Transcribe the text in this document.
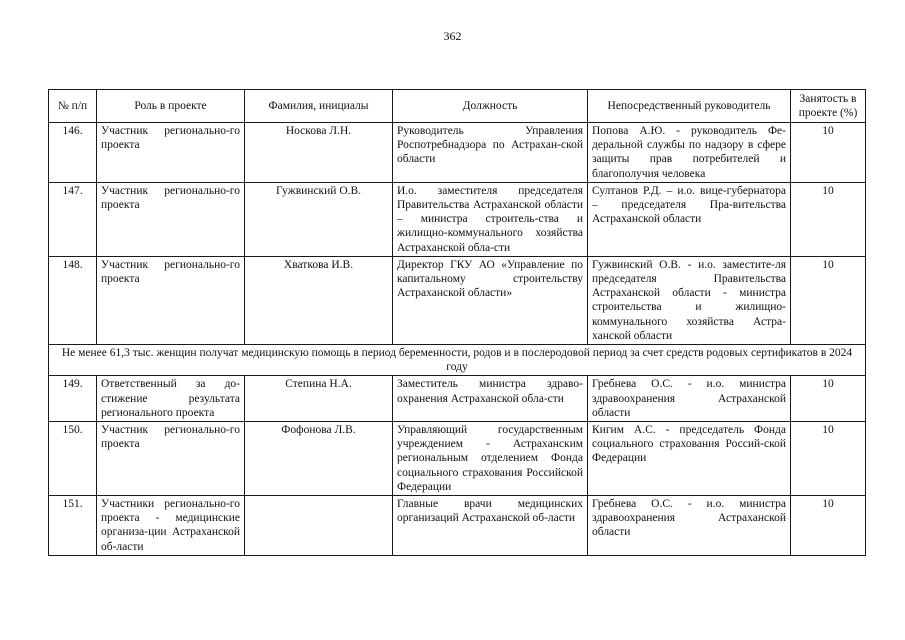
362
№ п/п	Роль в проекте	Фамилия, инициалы	Должность	Непосредственный руководитель	Занятость в проекте (%)
146.	Участник регионально-го проекта	Носкова Л.Н.	Руководитель Управления Роспотребнадзора по Астрахан-ской области	Попова А.Ю. - руководитель Фе-деральной службы по надзору в сфере защиты прав потребителей и благополучия человека	10
147.	Участник регионально-го проекта	Гужвинский О.В.	И.о. заместителя председателя Правительства Астраханской области – министра строитель-ства и жилищно-коммунального хозяйства Астраханской обла-сти	Султанов Р.Д. – и.о. вице-губернатора – председателя Пра-вительства Астраханской области	10
148.	Участник регионально-го проекта	Хваткова И.В.	Директор ГКУ АО «Управление по капитальному строительству Астраханской области»	Гужвинский О.В. - и.о. заместите-ля председателя Правительства Астраханской области - министра строительства и жилищно-коммунального хозяйства Астра-ханской области	10
Не менее 61,3 тыс. женщин получат медицинскую помощь в период беременности, родов и в послеродовой период за счет средств родовых сертификатов в 2024 году					
149.	Ответственный за до-стижение результата регионального проекта	Степина Н.А.	Заместитель министра здраво-охранения Астраханской обла-сти	Гребнева О.С. - и.о. министра здравоохранения Астраханской области	10
150.	Участник регионально-го проекта	Фофонова Л.В.	Управляющий государственным учреждением - Астраханским региональным отделением Фонда социального страхования Российской Федерации	Кигим А.С. - председатель Фонда социального страхования Россий-ской Федерации	10
151.	Участники регионально-го проекта - медицинские организа-ции Астраханской об-ласти		Главные врачи медицинских организаций Астраханской об-ласти	Гребнева О.С. - и.о. министра здравоохранения Астраханской области	10
